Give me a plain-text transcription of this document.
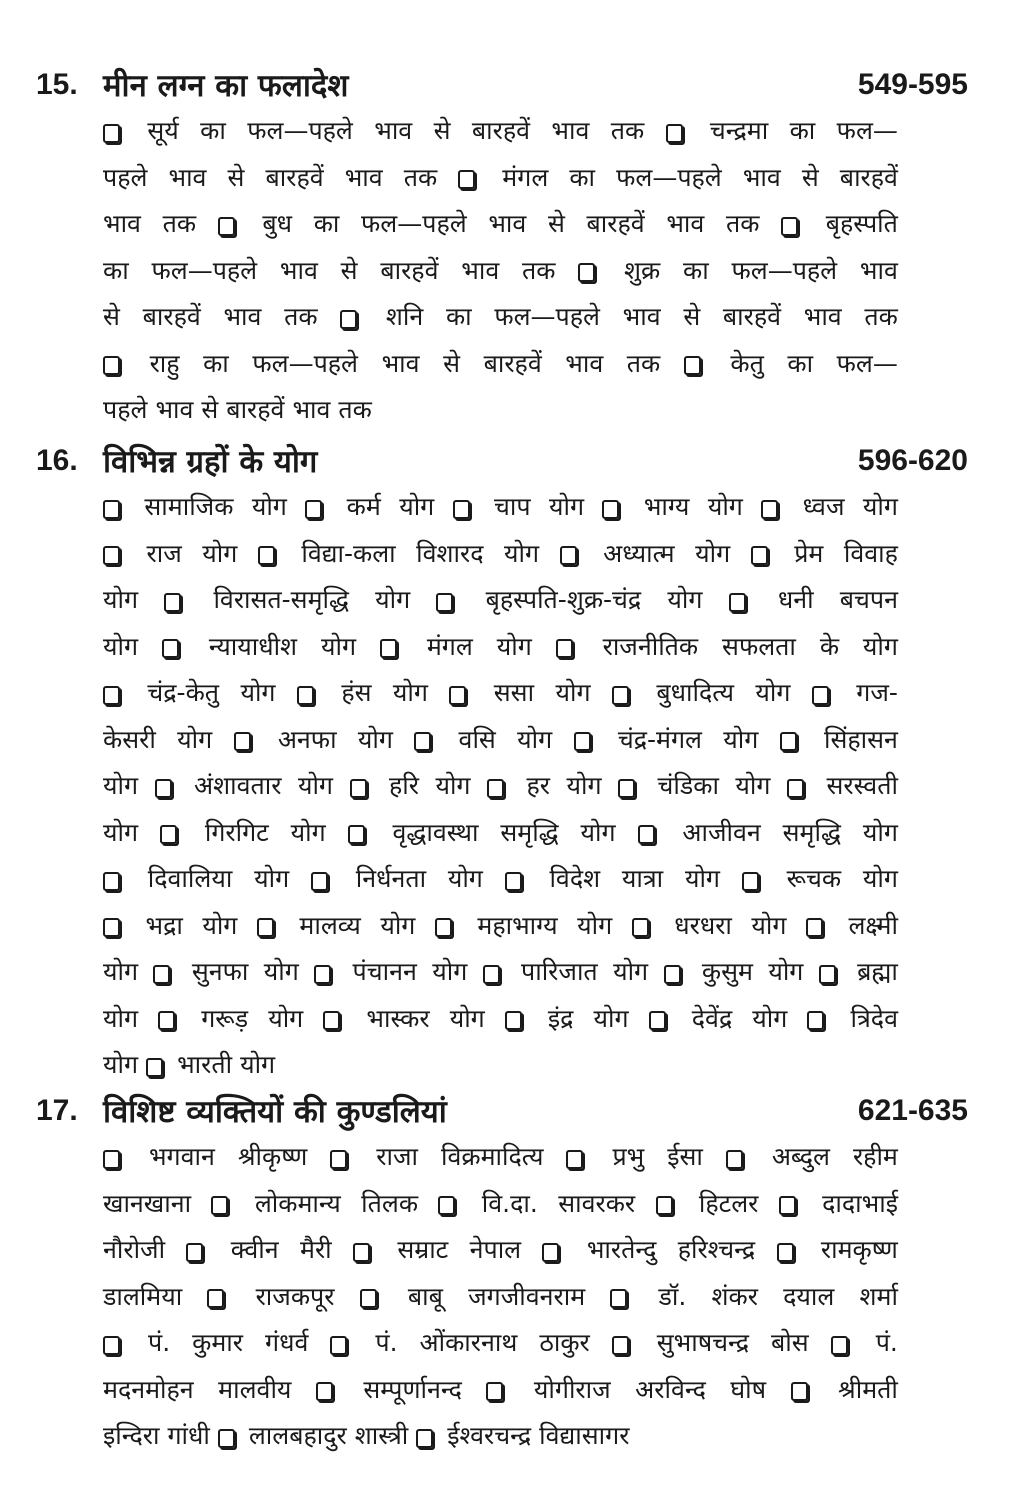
15. मीन लग्न का फलादेश	549-595
सूर्य का फल—पहले भाव से बारहवें भाव तक	चन्द्रमा का फल—
पहले भाव से बारहवें भाव तक	मंगल का फल—पहले भाव से बारहवें
भाव तक	बुध का फल—पहले भाव से बारहवें भाव तक	बृहस्पति
का फल—पहले भाव से बारहवें भाव तक	शुक्र का फल—पहले भाव
से बारहवें भाव तक	शनि का फल—पहले भाव से बारहवें भाव तक
राहु का फल—पहले भाव से बारहवें भाव तक	केतु का फल—
पहले भाव से बारहवें भाव तक
16. विभिन्न ग्रहों के योग	596-620
सामाजिक योग कर्म योग चाप योग भाग्य योग ध्वज योग
राज योग	विद्या-कला विशारद योग	अध्यात्म योग	प्रेम विवाह
योग	विरासत-समृद्धि योग	बृहस्पति-शुक्र-चंद्र योग	धनी बचपन
योग	न्यायाधीश योग	मंगल योग	राजनीतिक सफलता के योग
चंद्र-केतु योग	हंस योग	ससा योग	बुधादित्य योग	गज-
केसरी योग	अनफा योग	वसि योग	चंद्र-मंगल योग	सिंहासन
योग अंशावतार योग हरि योग हर योग चंडिका योग सरस्वती
योग	गिरगिट योग	वृद्धावस्था समृद्धि योग	आजीवन समृद्धि योग
दिवालिया योग	निर्धनता योग	विदेश यात्रा योग	रूचक योग
भद्रा योग मालव्य योग महाभाग्य योग धरधरा योग लक्ष्मी
योग सुनफा योग पंचानन योग पारिजात योग कुसुम योग ब्रह्मा
योग	गरूड़ योग	भास्कर योग	इंद्र योग	देवेंद्र योग	त्रिदेव
योग भारती योग
17. विशिष्ट व्यक्तियों की कुण्डलियां	621-635
भगवान श्रीकृष्ण	राजा विक्रमादित्य	प्रभु ईसा	अब्दुल रहीम
खानखाना	लोकमान्य तिलक	वि.दा. सावरकर	हिटलर	दादाभाई
नौरोजी	क्वीन मैरी	सम्राट नेपाल	भारतेन्दु हरिश्चन्द्र	रामकृष्ण
डालमिया	राजकपूर	बाबू जगजीवनराम	डॉ. शंकर दयाल शर्मा
पं. कुमार गंधर्व	पं. ओंकारनाथ ठाकुर	सुभाषचन्द्र बोस	पं.
मदनमोहन मालवीय	सम्पूर्णानन्द	योगीराज अरविन्द घोष	श्रीमती
इन्दिरा गांधी लालबहादुर शास्त्री ईश्वरचन्द्र विद्यासागर
